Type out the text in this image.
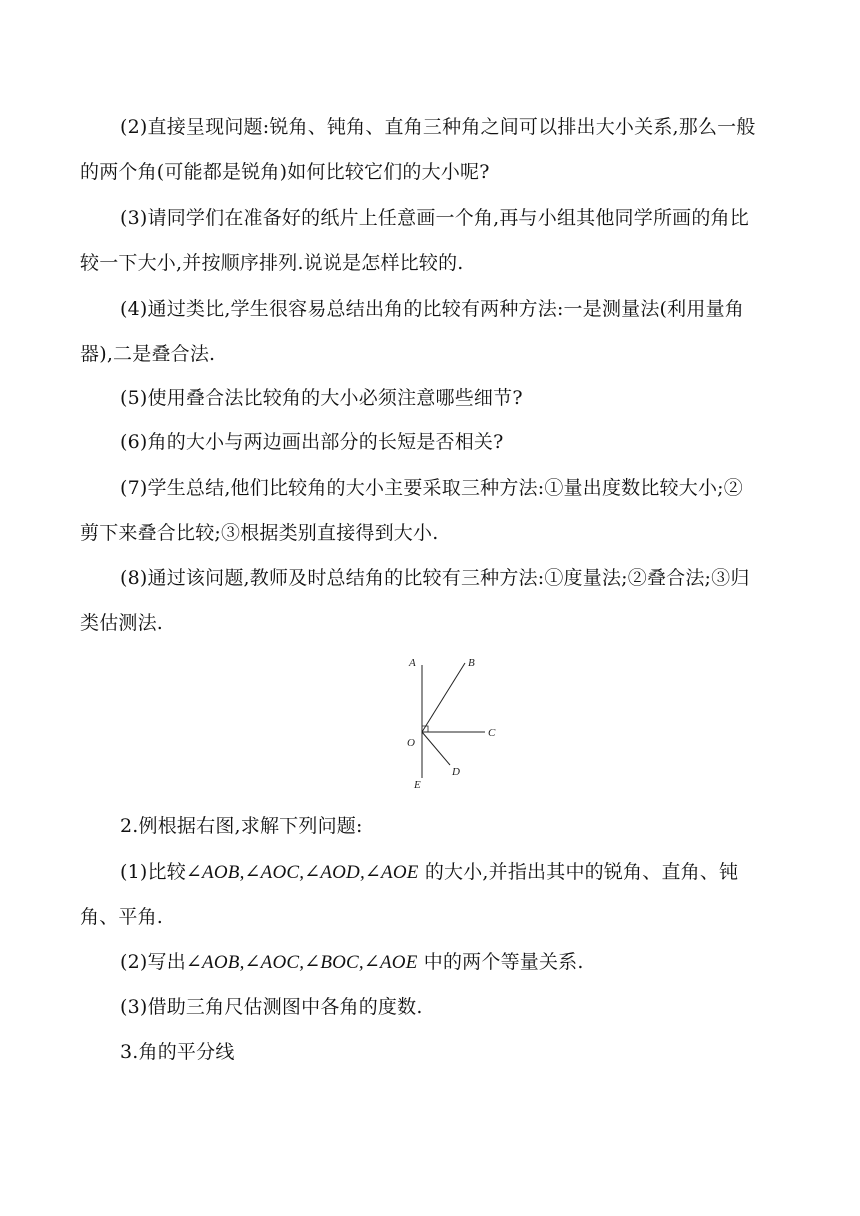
(2)直接呈现问题:锐角、钝角、直角三种角之间可以排出大小关系,那么一般
的两个角(可能都是锐角)如何比较它们的大小呢?
(3)请同学们在准备好的纸片上任意画一个角,再与小组其他同学所画的角比
较一下大小,并按顺序排列.说说是怎样比较的.
(4)通过类比,学生很容易总结出角的比较有两种方法:一是测量法(利用量角
器),二是叠合法.
(5)使用叠合法比较角的大小必须注意哪些细节?
(6)角的大小与两边画出部分的长短是否相关?
(7)学生总结,他们比较角的大小主要采取三种方法:①量出度数比较大小;②
剪下来叠合比较;③根据类别直接得到大小.
(8)通过该问题,教师及时总结角的比较有三种方法:①度量法;②叠合法;③归
类估测法.
A	B
C
O
D
E
2.例根据右图,求解下列问题:
(1)比较∠AOB,∠AOC,∠AOD,∠AOE 的大小,并指出其中的锐角、直角、钝
角、平角.
(2)写出∠AOB,∠AOC,∠BOC,∠AOE 中的两个等量关系.
(3)借助三角尺估测图中各角的度数.
3.角的平分线
